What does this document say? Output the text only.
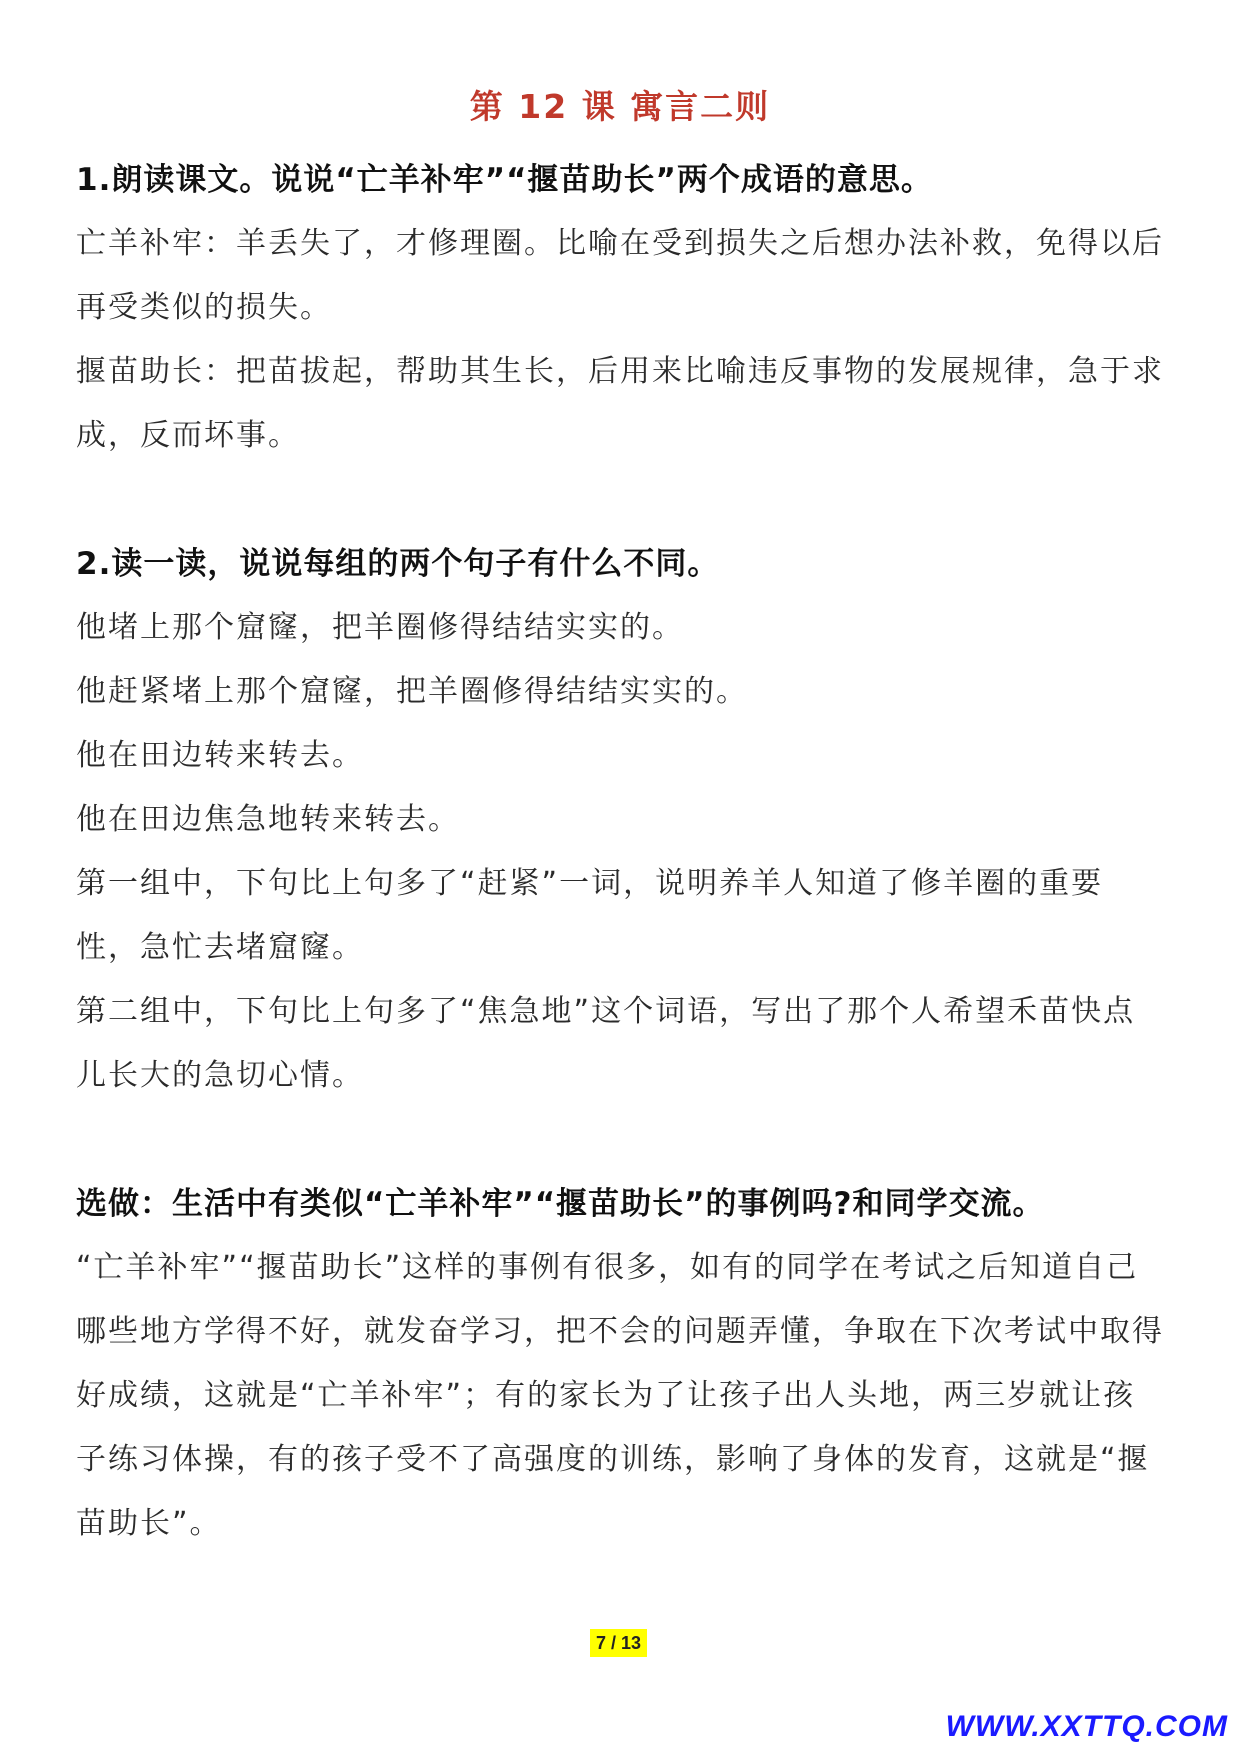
第 12 课 寓言二则
1.朗读课文。说说“亡羊补牢”“揠苗助长”两个成语的意思。
亡羊补牢：羊丢失了，才修理圈。比喻在受到损失之后想办法补救，免得以后再受类似的损失。
揠苗助长：把苗拔起，帮助其生长，后用来比喻违反事物的发展规律，急于求成，反而坏事。
2.读一读，说说每组的两个句子有什么不同。
他堵上那个窟窿，把羊圈修得结结实实的。
他赶紧堵上那个窟窿，把羊圈修得结结实实的。
他在田边转来转去。
他在田边焦急地转来转去。
第一组中，下句比上句多了“赶紧”一词，说明养羊人知道了修羊圈的重要性，急忙去堵窟窿。
第二组中，下句比上句多了“焦急地”这个词语，写出了那个人希望禾苗快点儿长大的急切心情。
选做：生活中有类似“亡羊补牢”“揠苗助长”的事例吗?和同学交流。
“亡羊补牢”“揠苗助长”这样的事例有很多，如有的同学在考试之后知道自己哪些地方学得不好，就发奋学习，把不会的问题弄懂，争取在下次考试中取得好成绩，这就是“亡羊补牢”；有的家长为了让孩子出人头地，两三岁就让孩子练习体操，有的孩子受不了高强度的训练，影响了身体的发育，这就是“揠苗助长”。
7 / 13
WWW.XXTTQ.COM
